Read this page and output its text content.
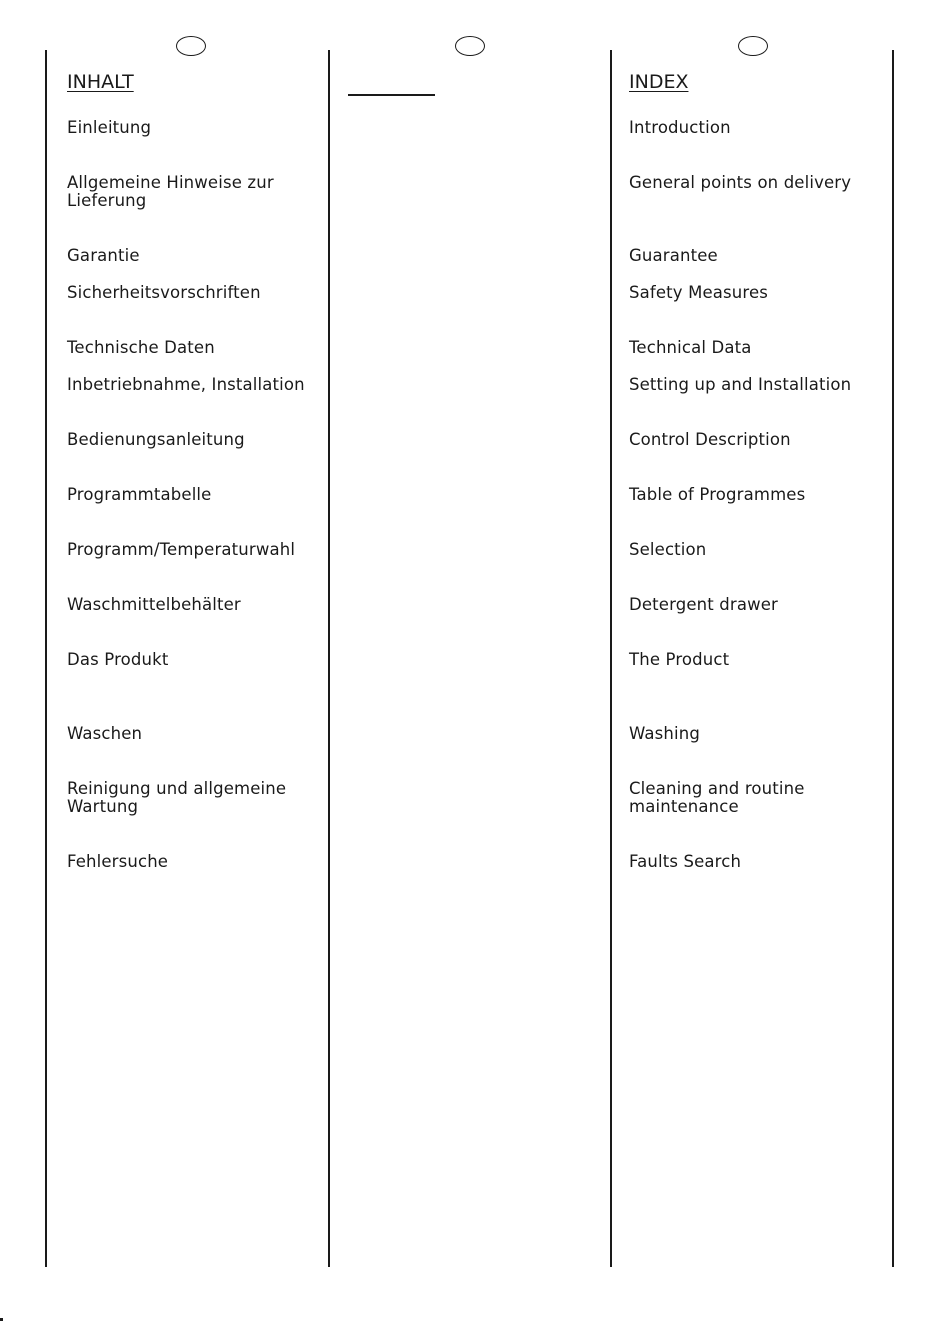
INHALT
Einleitung
Allgemeine Hinweise zur Lieferung
Garantie
Sicherheitsvorschriften
Technische Daten
Inbetriebnahme, Installation
Bedienungsanleitung
Programmtabelle
Programm/Temperaturwahl
Waschmittelbehälter
Das Produkt
Waschen
Reinigung und allgemeine Wartung
Fehlersuche
INDEX
Introduction
General points on delivery
Guarantee
Safety Measures
Technical Data
Setting up and Installation
Control Description
Table of Programmes
Selection
Detergent drawer
The Product
Washing
Cleaning and routine maintenance
Faults Search
